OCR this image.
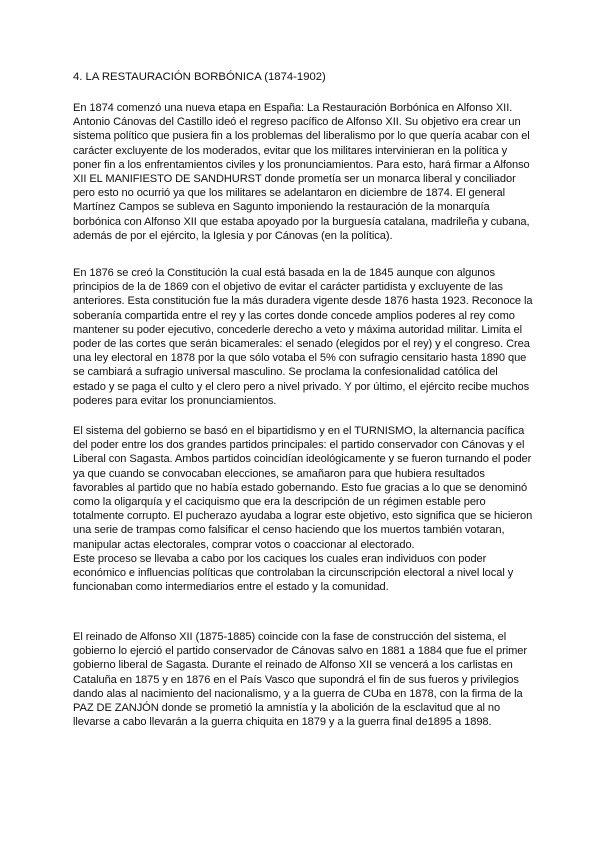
4. LA RESTAURACIÓN BORBÓNICA (1874-1902)

En 1874 comenzó una nueva etapa en España: La Restauración Borbónica en Alfonso XII. Antonio Cánovas del Castillo ideó el regreso pacífico de Alfonso XII. Su objetivo era crear un sistema político que pusiera fin a los problemas del liberalismo por lo que quería acabar con el carácter excluyente de los moderados, evitar que los militares intervinieran en la política y poner fin a los enfrentamientos civiles y los pronunciamientos. Para esto, hará firmar a Alfonso XII EL MANIFIESTO DE SANDHURST donde prometía ser un monarca liberal y conciliador pero esto no ocurrió ya que los militares se adelantaron en diciembre de 1874. El general Martínez Campos se subleva en Sagunto imponiendo la restauración de la monarquía borbónica con Alfonso XII que estaba apoyado por la burguesía catalana, madrileña y cubana, además de por el ejército, la Iglesia y por Cánovas (en la política).

En 1876 se creó la Constitución la cual está basada en la de 1845 aunque con algunos principios de la de 1869 con el objetivo de evitar el carácter partidista y excluyente de las anteriores. Esta constitución fue la más duradera vigente desde 1876 hasta 1923. Reconoce la soberanía compartida entre el rey y las cortes donde concede amplios poderes al rey como mantener su poder ejecutivo, concederle derecho a veto y máxima autoridad militar. Limita el poder de las cortes que serán bicamerales: el senado (elegidos por el rey) y el congreso. Crea una ley electoral en 1878 por la que sólo votaba el 5% con sufragio censitario hasta 1890 que se cambiará a sufragio universal masculino. Se proclama la confesionalidad católica del estado y se paga el culto y el clero pero a nivel privado. Y por último, el ejército recibe muchos poderes para evitar los pronunciamientos.

El sistema del gobierno se basó en el bipartidismo y en el TURNISMO, la alternancia pacífica del poder entre los dos grandes partidos principales: el partido conservador con Cánovas y el Liberal con Sagasta. Ambos partidos coincidían ideológicamente y se fueron turnando el poder ya que cuando se convocaban elecciones, se amañaron para que hubiera resultados favorables al partido que no había estado gobernando. Esto fue gracias a lo que se denominó como la oligarquía y el caciquismo que era la descripción de un régimen estable pero totalmente corrupto. El pucherazo ayudaba a lograr este objetivo, esto significa que se hicieron una serie de trampas como falsificar el censo haciendo que los muertos también votaran, manipular actas electorales, comprar votos o coaccionar al electorado.

Este proceso se llevaba a cabo por los caciques los cuales eran individuos con poder económico e influencias políticas que controlaban la circunscripción electoral a nivel local y funcionaban como intermediarios entre el estado y la comunidad.

El reinado de Alfonso XII (1875-1885) coincide con la fase de construcción del sistema, el gobierno lo ejerció el partido conservador de Cánovas salvo en 1881 a 1884 que fue el primer gobierno liberal de Sagasta. Durante el reinado de Alfonso XII se vencerá a los carlistas en Cataluña en 1875 y en 1876 en el País Vasco que supondrá el fin de sus fueros y privilegios dando alas al nacimiento del nacionalismo, y a la guerra de CUba en 1878, con la firma de la PAZ DE ZANJÓN donde se prometió la amnistía y la abolición de la esclavitud que al no llevarse a cabo llevarán a la guerra chiquita en 1879 y a la guerra final de1895 a 1898.
